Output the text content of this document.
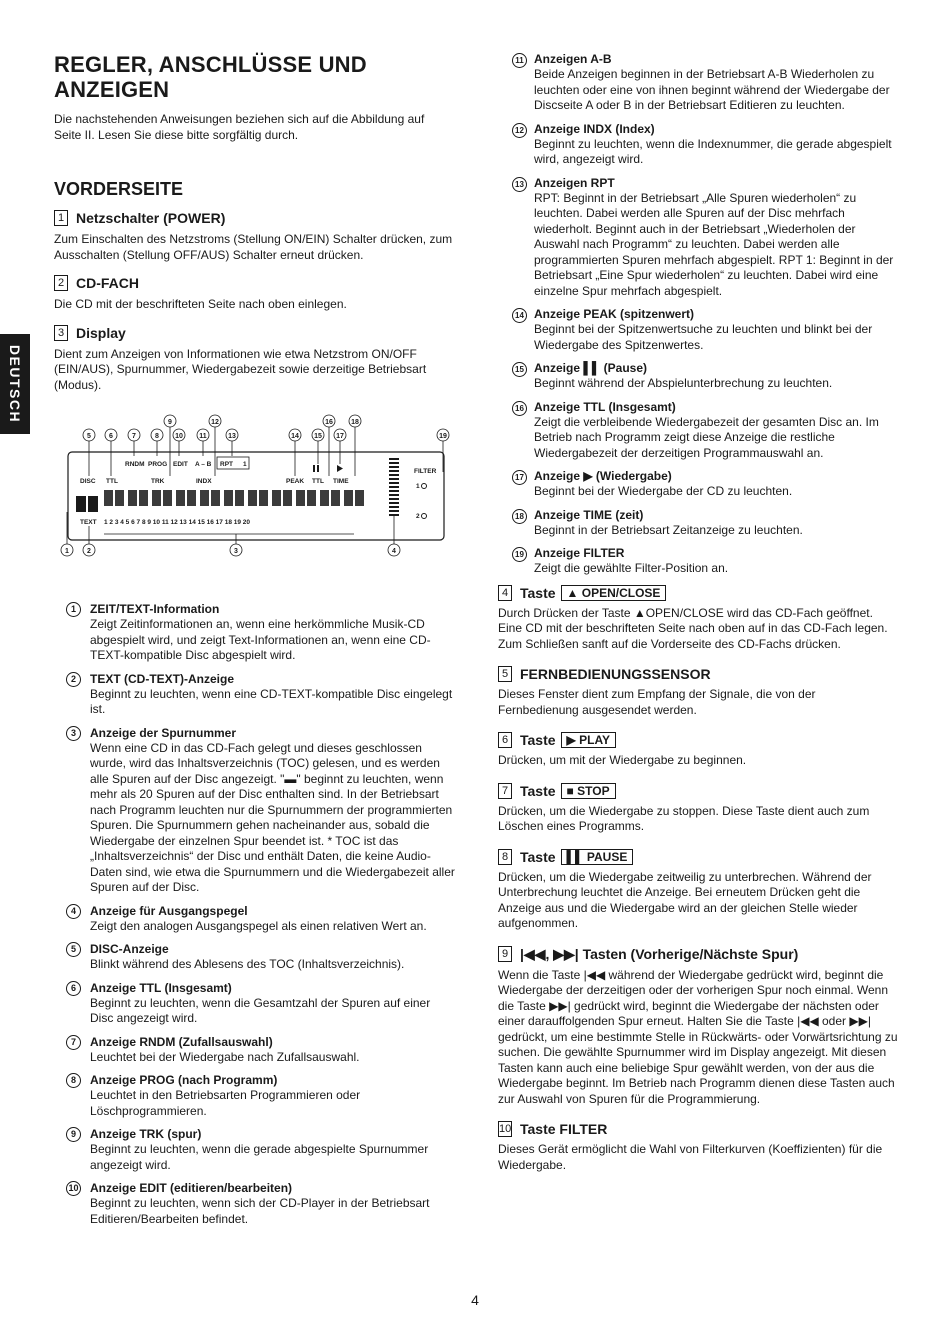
DEUTSCH
REGLER, ANSCHLÜSSE UND ANZEIGEN

Die nachstehenden Anweisungen beziehen sich auf die Abbildung auf Seite II. Lesen Sie diese bitte sorgfältig durch.

VORDERSEITE
1 Netzschalter (POWER)

Zum Einschalten des Netzstroms (Stellung ON/EIN) Schalter drücken, zum Ausschalten (Stellung OFF/AUS) Schalter erneut drücken.

2 CD-FACH

Die CD mit der beschrifteten Seite nach oben einlegen.

3 Display

Dient zum Anzeigen von Informationen wie etwa Netzstrom ON/OFF (EIN/AUS), Spurnummer, Wiedergabezeit sowie derzeitige Betriebsart (Modus).

RNDM PROG EDIT A – B RPT 1
DISC TTL	TRK	INDX	PEAK TTL TIME
FILTER
1
2
TEXT 1 2 3 4 5 6 7 8 9 10 11 12 13 14 15 16 17 18 19 20
5	6	7	8 10 11	13	14 15 17	19
9	12	16	18
1	2	3	4
1	ZEIT/TEXT-Information

Zeigt Zeitinformationen an, wenn eine herkömmliche Musik-CD abgespielt wird, und zeigt Text-Informationen an, wenn eine CD-TEXT-kompatible Disc abgespielt wird.

2	TEXT (CD-TEXT)-Anzeige

Beginnt zu leuchten, wenn eine CD-TEXT-kompatible Disc eingelegt ist.

3	Anzeige der Spurnummer

Wenn eine CD in das CD-Fach gelegt und dieses geschlossen wurde, wird das Inhaltsverzeichnis (TOC) gelesen, und es werden alle Spuren auf der Disc angezeigt. "▬" beginnt zu leuchten, wenn mehr als 20 Spuren auf der Disc enthalten sind. In der Betriebsart nach Programm leuchten nur die Spurnummern der programmierten Spuren. Die Spurnummern gehen nacheinander aus, sobald die Wiedergabe der einzelnen Spur beendet ist. * TOC ist das „Inhaltsverzeichnis“ der Disc und enthält Daten, die keine Audio-Daten sind, wie etwa die Spurnummern und die Wiedergabezeit aller Spuren auf der Disc.

4	Anzeige für Ausgangspegel

Zeigt den analogen Ausgangspegel als einen relativen Wert an.

5	DISC-Anzeige

Blinkt während des Ablesens des TOC (Inhaltsverzeichnis).

6	Anzeige TTL (Insgesamt)

Beginnt zu leuchten, wenn die Gesamtzahl der Spuren auf einer Disc angezeigt wird.

7	Anzeige RNDM (Zufallsauswahl)

Leuchtet bei der Wiedergabe nach Zufallsauswahl.

8	Anzeige PROG (nach Programm)

Leuchtet in den Betriebsarten Programmieren oder Löschprogrammieren.

9	Anzeige TRK (spur)

Beginnt zu leuchten, wenn die gerade abgespielte Spurnummer angezeigt wird.

10 Anzeige EDIT (editieren/bearbeiten)

Beginnt zu leuchten, wenn sich der CD-Player in der Betriebsart Editieren/Bearbeiten befindet.

11 Anzeigen A-B

Beide Anzeigen beginnen in der Betriebsart A-B Wiederholen zu leuchten oder eine von ihnen beginnt während der Wiedergabe der Discseite A oder B in der Betriebsart Editieren zu leuchten.

12 Anzeige INDX (Index)

Beginnt zu leuchten, wenn die Indexnummer, die gerade abgespielt wird, angezeigt wird.

13 Anzeigen RPT

RPT: Beginnt in der Betriebsart „Alle Spuren wiederholen“ zu leuchten. Dabei werden alle Spuren auf der Disc mehrfach wiederholt. Beginnt auch in der Betriebsart „Wiederholen der Auswahl nach Programm“ zu leuchten. Dabei werden alle programmierten Spuren mehrfach abgespielt. RPT 1: Beginnt in der Betriebsart „Eine Spur wiederholen“ zu leuchten. Dabei wird eine einzelne Spur mehrfach abgespielt.

14 Anzeige PEAK (spitzenwert)

Beginnt bei der Spitzenwertsuche zu leuchten und blinkt bei der Wiedergabe des Spitzenwertes.

15 Anzeige ▌▌ (Pause)

Beginnt während der Abspielunterbrechung zu leuchten.

16 Anzeige TTL (Insgesamt)

Zeigt die verbleibende Wiedergabezeit der gesamten Disc an. Im Betrieb nach Programm zeigt diese Anzeige die restliche Wiedergabezeit der derzeitigen Programmauswahl an.

17 Anzeige ▶ (Wiedergabe)

Beginnt bei der Wiedergabe der CD zu leuchten.

18 Anzeige TIME (zeit)

Beginnt in der Betriebsart Zeitanzeige zu leuchten.

19 Anzeige FILTER

Zeigt die gewählte Filter-Position an.

4 Taste ▲ OPEN/CLOSE

Durch Drücken der Taste ▲OPEN/CLOSE wird das CD-Fach geöffnet. Eine CD mit der beschrifteten Seite nach oben auf in das CD-Fach legen. Zum Schließen sanft auf die Vorderseite des CD-Fachs drücken.

5 FERNBEDIENUNGSSENSOR

Dieses Fenster dient zum Empfang der Signale, die von der Fernbedienung ausgesendet werden.

6 Taste ▶ PLAY

Drücken, um mit der Wiedergabe zu beginnen.

7 Taste ■ STOP

Drücken, um die Wiedergabe zu stoppen. Diese Taste dient auch zum Löschen eines Programms.

8 Taste ▌▌ PAUSE

Drücken, um die Wiedergabe zeitweilig zu unterbrechen. Während der Unterbrechung leuchtet die Anzeige. Bei erneutem Drücken geht die Anzeige aus und die Wiedergabe wird an der gleichen Stelle wieder aufgenommen.

9 |◀◀, ▶▶| Tasten (Vorherige/Nächste Spur)

Wenn die Taste |◀◀ während der Wiedergabe gedrückt wird, beginnt die Wiedergabe der derzeitigen oder der vorherigen Spur noch einmal. Wenn die Taste ▶▶| gedrückt wird, beginnt die Wiedergabe der nächsten oder einer darauffolgenden Spur erneut. Halten Sie die Taste |◀◀ oder ▶▶| gedrückt, um eine bestimmte Stelle in Rückwärts- oder Vorwärtsrichtung zu suchen. Die gewählte Spurnummer wird im Display angezeigt. Mit diesen Tasten kann auch eine beliebige Spur gewählt werden, von der aus die Wiedergabe beginnt. Im Betrieb nach Programm dienen diese Tasten auch zur Auswahl von Spuren für die Programmierung.

10 Taste FILTER

Dieses Gerät ermöglicht die Wahl von Filterkurven (Koeffizienten) für die Wiedergabe.

4
